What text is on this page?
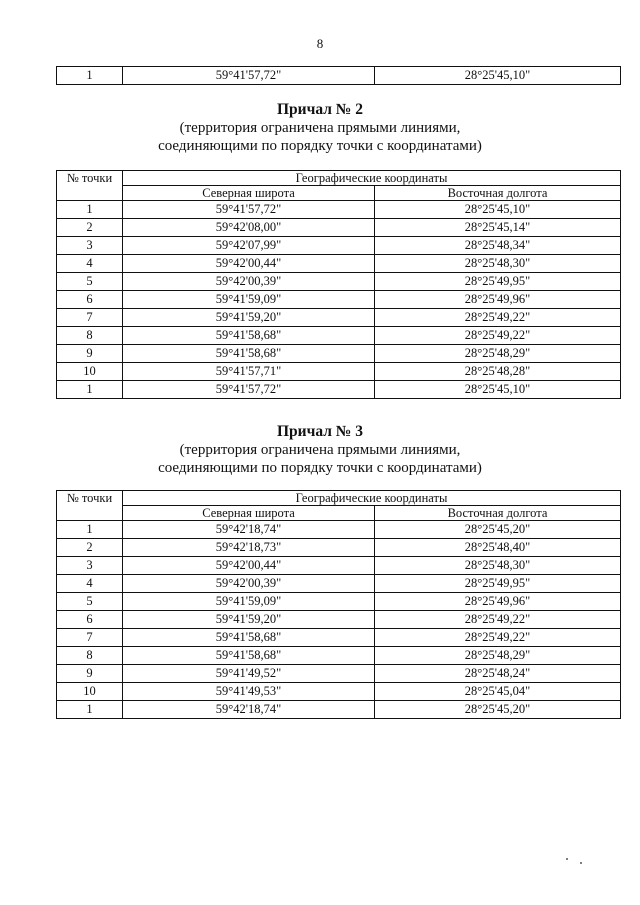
8
1	59°41'57,72"	28°25'45,10"
Причал № 2
(территория ограничена прямыми линиями,
соединяющими по порядку точки с координатами)
№ точки	Географические координаты	
	Северная широта	Восточная долгота
1	59°41'57,72"	28°25'45,10"
2	59°42'08,00"	28°25'45,14"
3	59°42'07,99"	28°25'48,34"
4	59°42'00,44"	28°25'48,30"
5	59°42'00,39"	28°25'49,95"
6	59°41'59,09"	28°25'49,96"
7	59°41'59,20"	28°25'49,22"
8	59°41'58,68"	28°25'49,22"
9	59°41'58,68"	28°25'48,29"
10	59°41'57,71"	28°25'48,28"
1	59°41'57,72"	28°25'45,10"
Причал № 3
(территория ограничена прямыми линиями,
соединяющими по порядку точки с координатами)
№ точки	Географические координаты	
	Северная широта	Восточная долгота
1	59°42'18,74"	28°25'45,20"
2	59°42'18,73"	28°25'48,40"
3	59°42'00,44"	28°25'48,30"
4	59°42'00,39"	28°25'49,95"
5	59°41'59,09"	28°25'49,96"
6	59°41'59,20"	28°25'49,22"
7	59°41'58,68"	28°25'49,22"
8	59°41'58,68"	28°25'48,29"
9	59°41'49,52"	28°25'48,24"
10	59°41'49,53"	28°25'45,04"
1	59°42'18,74"	28°25'45,20"
